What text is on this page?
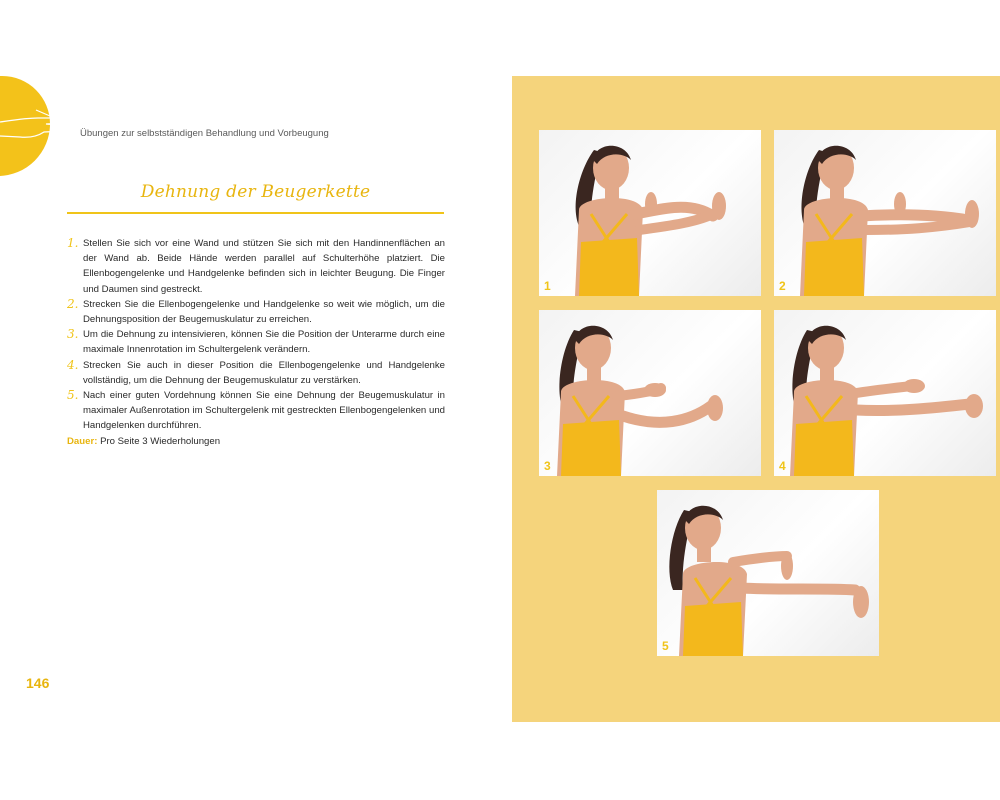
Übungen zur selbstständigen Behandlung und Vorbeugung
Dehnung der Beugerkette
1. Stellen Sie sich vor eine Wand und stützen Sie sich mit den Handinnenflächen an der Wand ab. Beide Hände werden parallel auf Schulterhöhe platziert. Die Ellenbogengelenke und Handgelenke befinden sich in leichter Beugung. Die Finger und Daumen sind gestreckt.
2. Strecken Sie die Ellenbogengelenke und Handgelenke so weit wie möglich, um die Dehnungsposition der Beugemuskulatur zu erreichen.
3. Um die Dehnung zu intensivieren, können Sie die Position der Unterarme durch eine maximale Innenrotation im Schultergelenk verändern.
4. Strecken Sie auch in dieser Position die Ellenbogengelenke und Handgelenke vollständig, um die Dehnung der Beugemuskulatur zu verstärken.
5. Nach einer guten Vordehnung können Sie eine Dehnung der Beugemuskulatur in maximaler Außenrotation im Schultergelenk mit gestreckten Ellenbogengelenken und Handgelenken durchführen.
Dauer: Pro Seite 3 Wiederholungen
146
1	2
3	4
5
